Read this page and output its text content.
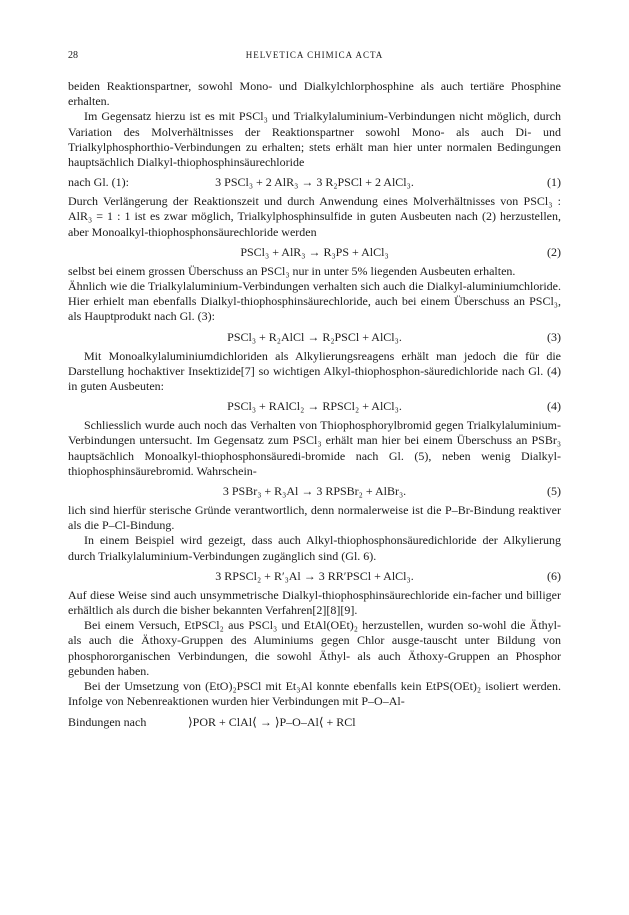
28	HELVETICA CHIMICA ACTA

beiden Reaktionspartner, sowohl Mono- und Dialkylchlorphosphine als auch tertiäre Phosphine erhalten.

Im Gegensatz hierzu ist es mit PSCl₃ und Trialkylaluminium-Verbindungen nicht möglich, durch Variation des Molverhältnisses der Reaktionspartner sowohl Mono- als auch Di- und Trialkylphosphorthio-Verbindungen zu erhalten; stets erhält man hier unter normalen Bedingungen hauptsächlich Dialkyl-thiophosphinsäurechloride

nach Gl. (1):	3 PSCl₃ + 2 AlR₃ → 3 R₂PSCl + 2 AlCl₃.	(1)

Durch Verlängerung der Reaktionszeit und durch Anwendung eines Molverhältnisses von PSCl₃ : AlR₃ = 1 : 1 ist es zwar möglich, Trialkylphosphinsulfide in guten Ausbeuten nach (2) herzustellen, aber Monoalkyl-thiophosphonsäurechloride werden

PSCl₃ + AlR₃ → R₃PS + AlCl₃	(2)

selbst bei einem grossen Überschuss an PSCl₃ nur in unter 5% liegenden Ausbeuten erhalten.

Ähnlich wie die Trialkylaluminium-Verbindungen verhalten sich auch die Dialkyl-aluminiumchloride. Hier erhielt man ebenfalls Dialkyl-thiophosphinsäurechloride, auch bei einem Überschuss an PSCl₃, als Hauptprodukt nach Gl. (3):

PSCl₃ + R₂AlCl → R₂PSCl + AlCl₃.	(3)

Mit Monoalkylaluminiumdichloriden als Alkylierungsreagens erhält man jedoch die für die Darstellung hochaktiver Insektizide[7] so wichtigen Alkyl-thiophosphon-säuredichloride nach Gl. (4) in guten Ausbeuten:

PSCl₃ + RAlCl₂ → RPSCl₂ + AlCl₃.	(4)

Schliesslich wurde auch noch das Verhalten von Thiophosphorylbromid gegen Trialkylaluminium-Verbindungen untersucht. Im Gegensatz zum PSCl₃ erhält man hier bei einem Überschuss an PSBr₃ hauptsächlich Monoalkyl-thiophosphonsäuredi-bromide nach Gl. (5), neben wenig Dialkyl-thiophosphinsäurebromid. Wahrschein-

3 PSBr₃ + R₃Al → 3 RPSBr₂ + AlBr₃.	(5)

lich sind hierfür sterische Gründe verantwortlich, denn normalerweise ist die P–Br-Bindung reaktiver als die P–Cl-Bindung.

In einem Beispiel wird gezeigt, dass auch Alkyl-thiophosphonsäuredichloride der Alkylierung durch Trialkylaluminium-Verbindungen zugänglich sind (Gl. 6).

3 RPSCl₂ + R′₃Al → 3 RR′PSCl + AlCl₃.	(6)

Auf diese Weise sind auch unsymmetrische Dialkyl-thiophosphinsäurechloride ein-facher und billiger erhältlich als durch die bisher bekannten Verfahren[2][8][9].

Bei einem Versuch, EtPSCl₂ aus PSCl₃ und EtAl(OEt)₂ herzustellen, wurden so-wohl die Äthyl- als auch die Äthoxy-Gruppen des Aluminiums gegen Chlor ausge-tauscht unter Bildung von phosphororganischen Verbindungen, die sowohl Äthyl- als auch Äthoxy-Gruppen an Phosphor gebunden haben.

Bei der Umsetzung von (EtO)₂PSCl mit Et₃Al konnte ebenfalls kein EtPS(OEt)₂ isoliert werden. Infolge von Nebenreaktionen wurden hier Verbindungen mit P–O–Al-

Bindungen nach	⟩POR + ClAl⟨ → ⟩P–O–Al⟨ + RCl
